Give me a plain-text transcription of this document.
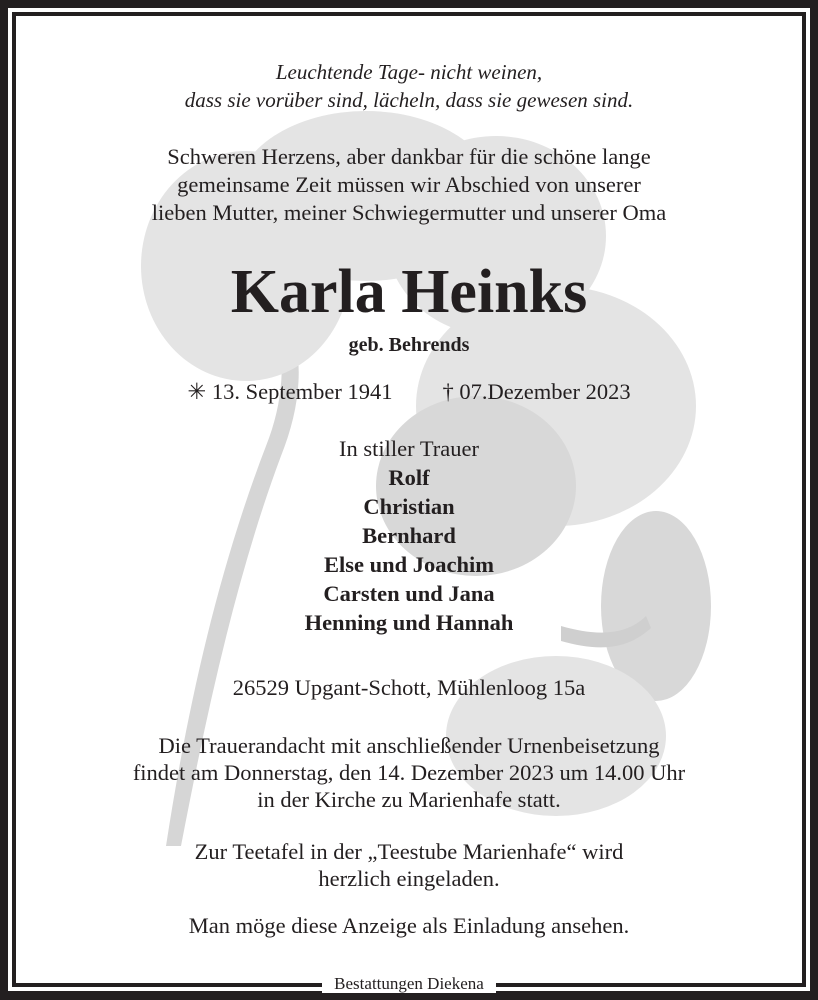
Leuchtende Tage- nicht weinen,
dass sie vorüber sind, lächeln, dass sie gewesen sind.
Schweren Herzens, aber dankbar für die schöne lange
gemeinsame Zeit müssen wir Abschied von unserer
lieben Mutter, meiner Schwiegermutter und unserer Oma
Karla Heinks
geb. Behrends
✳ 13. September 1941 † 07.Dezember 2023
In stiller Trauer
Rolf
Christian
Bernhard
Else und Joachim
Carsten und Jana
Henning und Hannah
26529 Upgant-Schott, Mühlenloog 15a
Die Trauerandacht mit anschließender Urnenbeisetzung
findet am Donnerstag, den 14. Dezember 2023 um 14.00 Uhr
in der Kirche zu Marienhafe statt.
Zur Teetafel in der „Teestube Marienhafe“ wird
herzlich eingeladen.
Man möge diese Anzeige als Einladung ansehen.
Bestattungen Diekena
